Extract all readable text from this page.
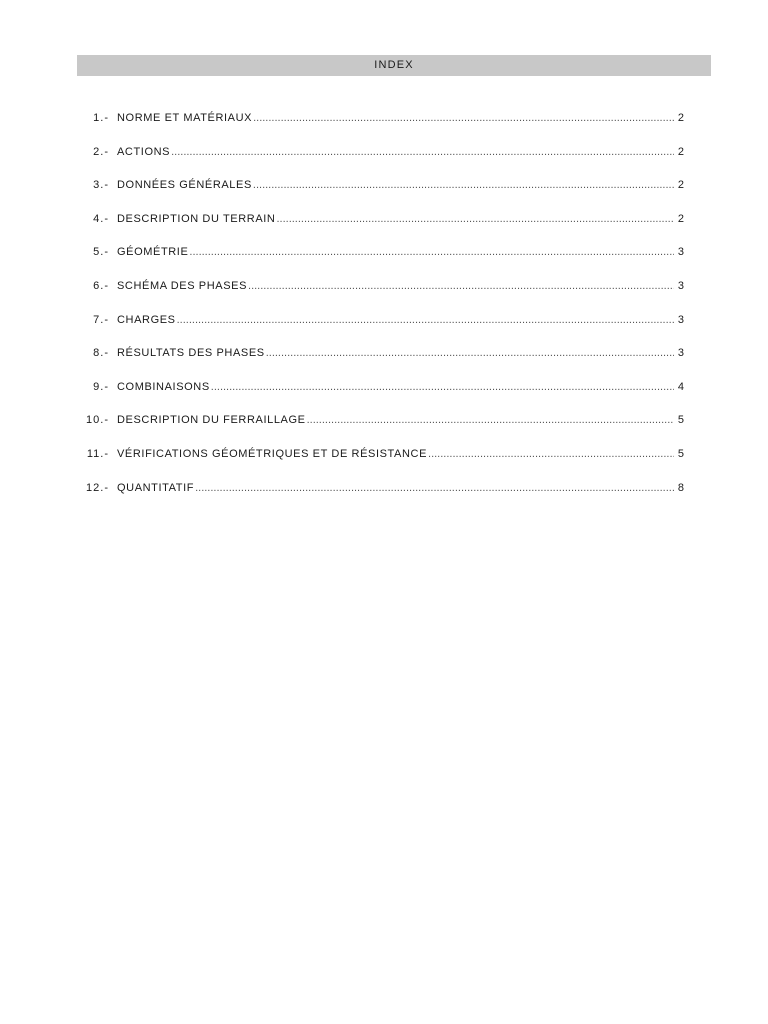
INDEX
1.- NORME ET MATÉRIAUX .....	2
2.- ACTIONS .....	2
3.- DONNÉES GÉNÉRALES .....	2
4.- DESCRIPTION DU TERRAIN .....	2
5.- GÉOMÉTRIE .....	3
6.- SCHÉMA DES PHASES .....	3
7.- CHARGES .....	3
8.- RÉSULTATS DES PHASES .....	3
9.- COMBINAISONS .....	4
10.- DESCRIPTION DU FERRAILLAGE .....	5
11.- VÉRIFICATIONS GÉOMÉTRIQUES ET DE RÉSISTANCE .....	5
12.- QUANTITATIF .....	8
